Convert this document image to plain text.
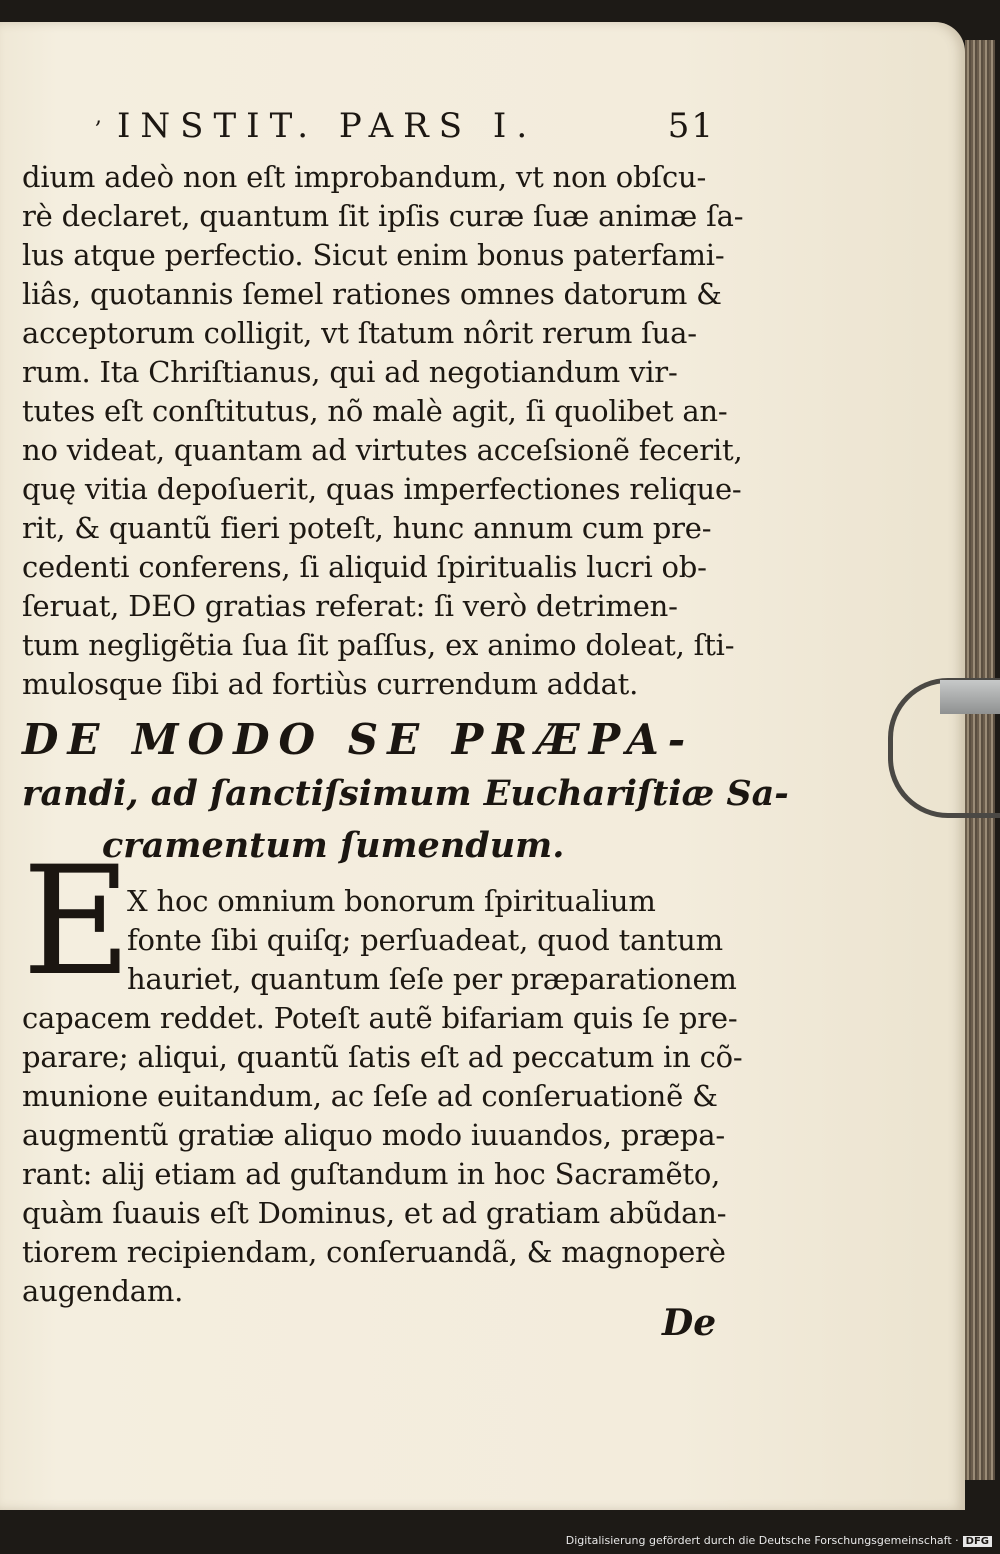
, INSTIT. PARS I.	51
dium adeò non eſt improbandum, vt non obſcu-
rè declaret, quantum ſit ipſis curæ ſuæ animæ ſa-
lus atque perfectio. Sicut enim bonus paterfami-
liâs, quotannis ſemel rationes omnes datorum &
acceptorum colligit, vt ſtatum nôrit rerum ſua-
rum. Ita Chriſtianus, qui ad negotiandum vir-
tutes eſt conſtitutus, nõ malè agit, ſi quolibet an-
no videat, quantam ad virtutes acceſsionẽ fecerit,
quę vitia depoſuerit, quas imperfectiones relique-
rit, & quantũ fieri poteſt, hunc annum cum pre-
cedenti conferens, ſi aliquid ſpiritualis lucri ob-
ſeruat, DEO gratias referat: ſi verò detrimen-
tum negligẽtia ſua ſit paſſus, ex animo doleat, ſti-
mulosque ſibi ad fortiùs currendum addat.
DE MODO SE PRÆPA-
randi, ad ſanctiſsimum Euchariſtiæ Sa-
cramentum ſumendum.
E
X hoc omnium bonorum ſpiritualium
fonte ſibi quiſq; perſuadeat, quod tantum
hauriet, quantum ſeſe per præparationem
capacem reddet. Poteſt autẽ bifariam quis ſe pre-
parare; aliqui, quantũ ſatis eſt ad peccatum in cõ-
munione euitandum, ac ſeſe ad conſeruationẽ &
augmentũ gratiæ aliquo modo iuuandos, præpa-
rant: alij etiam ad guſtandum in hoc Sacramẽto,
quàm ſuauis eſt Dominus, et ad gratiam abũdan-
tiorem recipiendam, conſeruandã, & magnoperè
augendam.
De
Digitalisierung gefördert durch die Deutsche Forschungsgemeinschaft · DFG
